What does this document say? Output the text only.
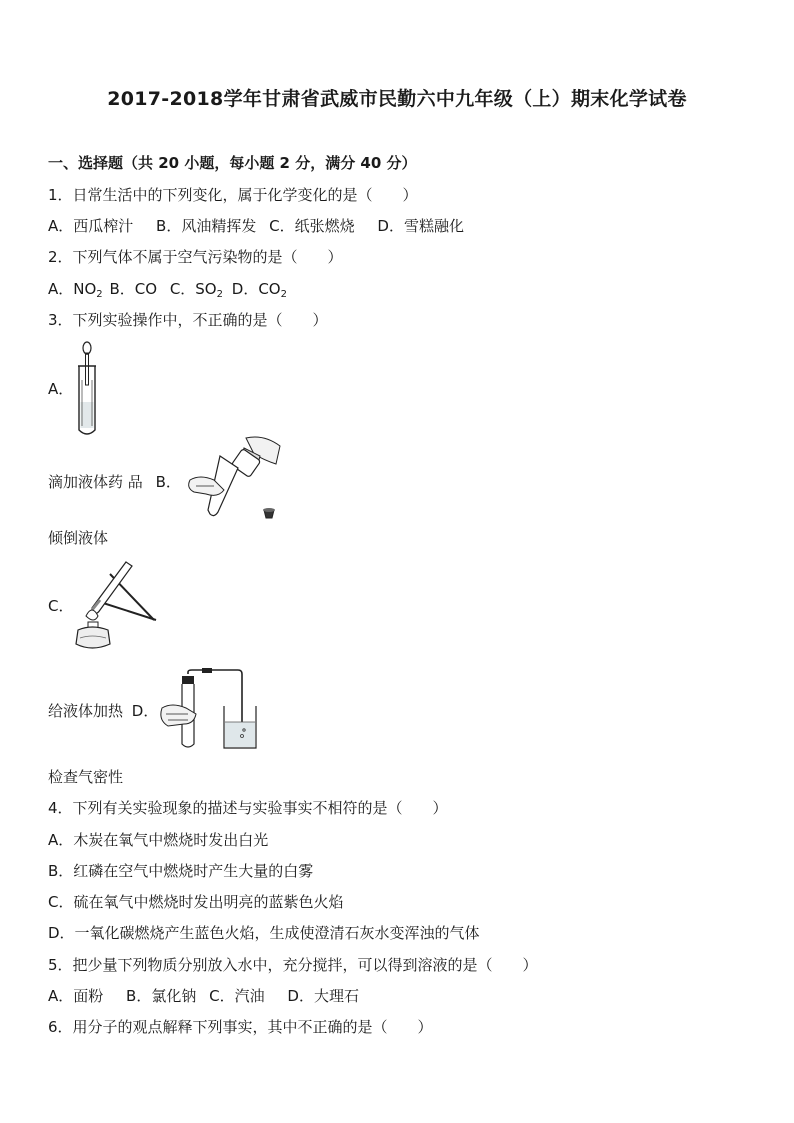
2017-2018学年甘肃省武威市民勤六中九年级（上）期末化学试卷
一、选择题（共 20 小题，每小题 2 分，满分 40 分）
1．日常生活中的下列变化，属于化学变化的是（　　）
A．西瓜榨汁 B．风油精挥发 C．纸张燃烧 D．雪糕融化
2．下列气体不属于空气污染物的是（　　）
A．$NO_2$ B．CO C．$SO_2$ D．$CO_2$
3．下列实验操作中，不正确的是（　　）
A．
滴加液体药 品 B．
倾倒液体
C．
给液体加热 D．
检查气密性
4．下列有关实验现象的描述与实验事实不相符的是（　　）
A．木炭在氧气中燃烧时发出白光
B．红磷在空气中燃烧时产生大量的白雾
C．硫在氧气中燃烧时发出明亮的蓝紫色火焰
D．一氧化碳燃烧产生蓝色火焰，生成使澄清石灰水变浑浊的气体
5．把少量下列物质分别放入水中，充分搅拌，可以得到溶液的是（　　）
A．面粉 B．氯化钠 C．汽油 D．大理石
6．用分子的观点解释下列事实，其中不正确的是（　　）
